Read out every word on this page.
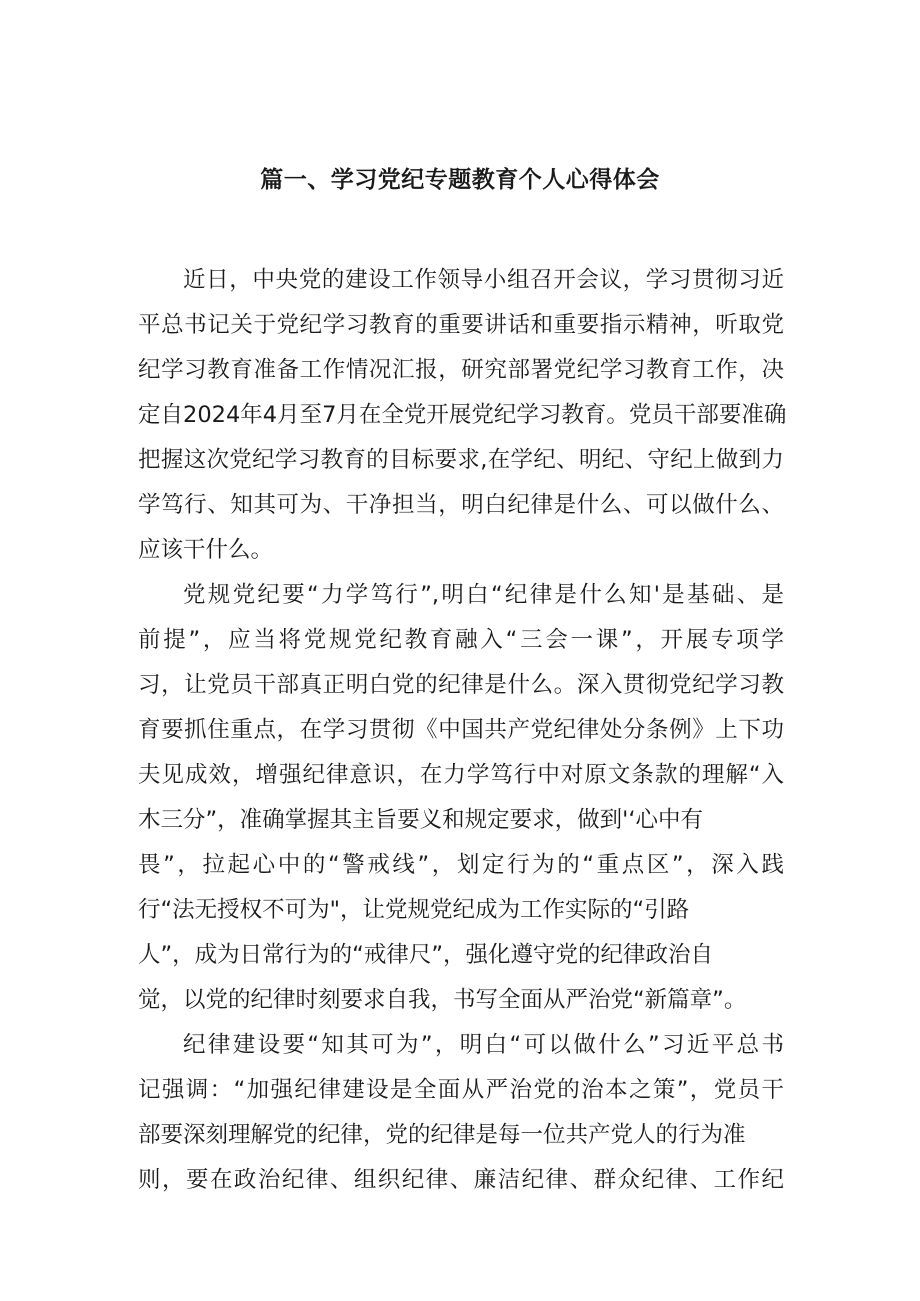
篇一、学习党纪专题教育个人心得体会
近日，中央党的建设工作领导小组召开会议，学习贯彻习近
平总书记关于党纪学习教育的重要讲话和重要指示精神，听取党
纪学习教育准备工作情况汇报，研究部署党纪学习教育工作，决
定自2024年4月至7月在全党开展党纪学习教育。党员干部要准确
把握这次党纪学习教育的目标要求,在学纪、明纪、守纪上做到力
学笃行、知其可为、干净担当，明白纪律是什么、可以做什么、
应该干什么。
党规党纪要“力学笃行”,明白“纪律是什么知'是基础、是
前提”，应当将党规党纪教育融入“三会一课”，开展专项学
习，让党员干部真正明白党的纪律是什么。深入贯彻党纪学习教
育要抓住重点，在学习贯彻《中国共产党纪律处分条例》上下功
夫见成效，增强纪律意识，在力学笃行中对原文条款的理解“入
木三分”，准确掌握其主旨要义和规定要求，做到'‘心中有
畏”，拉起心中的“警戒线”，划定行为的“重点区”，深入践
行“法无授权不可为"，让党规党纪成为工作实际的“引路
人”，成为日常行为的“戒律尺”，强化遵守党的纪律政治自
觉，以党的纪律时刻要求自我，书写全面从严治党“新篇章”。
纪律建设要“知其可为”，明白“可以做什么”习近平总书
记强调：“加强纪律建设是全面从严治党的治本之策”，党员干
部要深刻理解党的纪律，党的纪律是每一位共产党人的行为准
则，要在政治纪律、组织纪律、廉洁纪律、群众纪律、工作纪
